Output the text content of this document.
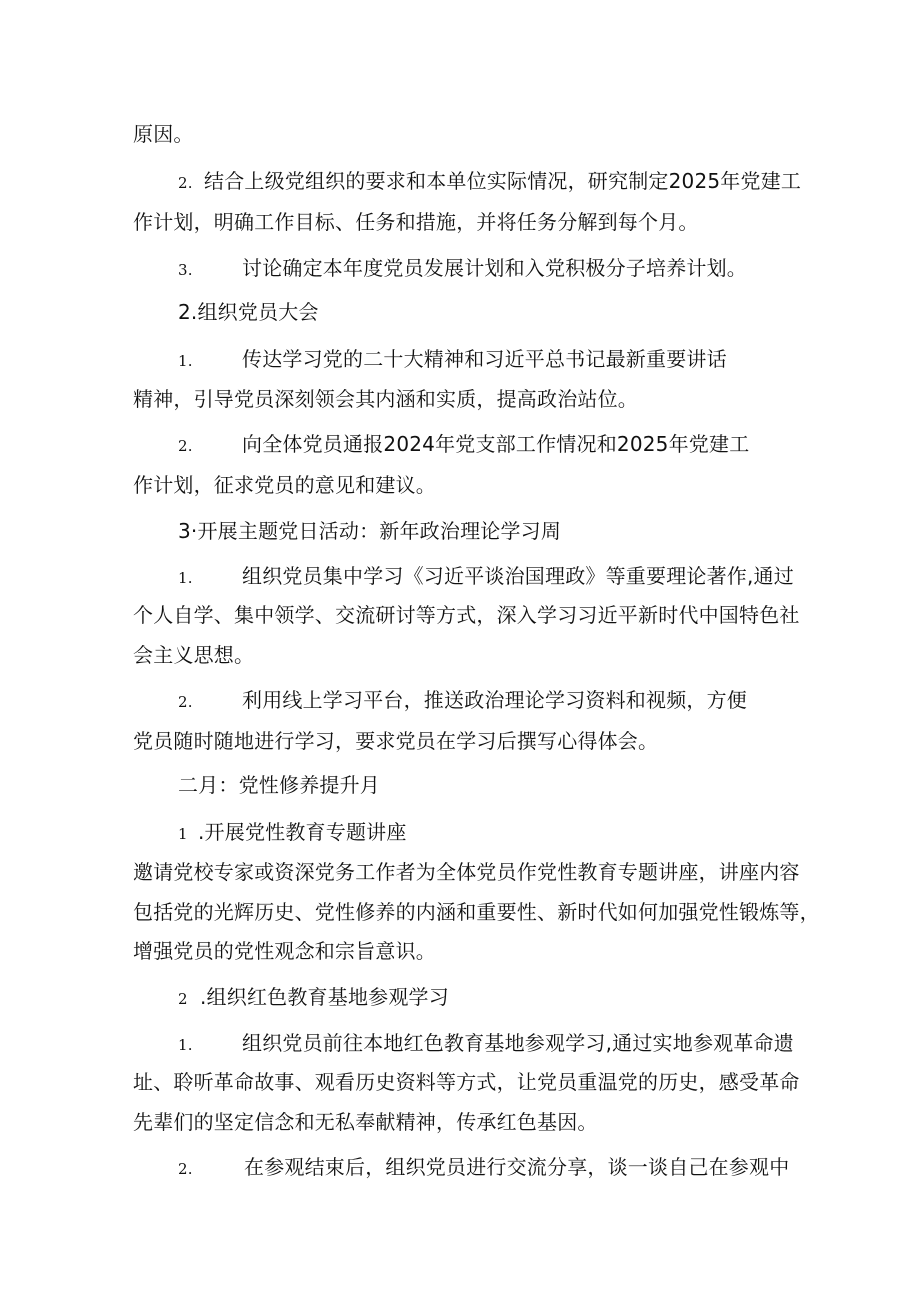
原因。
2. 结合上级党组织的要求和本单位实际情况，研究制定2025年党建工
作计划，明确工作目标、任务和措施，并将任务分解到每个月。
3. 讨论确定本年度党员发展计划和入党积极分子培养计划。
2.组织党员大会
1. 传达学习党的二十大精神和习近平总书记最新重要讲话
精神，引导党员深刻领会其内涵和实质，提高政治站位。
2. 向全体党员通报2024年党支部工作情况和2025年党建工
作计划，征求党员的意见和建议。
3·开展主题党日活动：新年政治理论学习周
1. 组织党员集中学习《习近平谈治国理政》等重要理论著作,通过
个人自学、集中领学、交流研讨等方式，深入学习习近平新时代中国特色社
会主义思想。
2. 利用线上学习平台，推送政治理论学习资料和视频，方便
党员随时随地进行学习，要求党员在学习后撰写心得体会。
二月：党性修养提升月
1 .开展党性教育专题讲座
邀请党校专家或资深党务工作者为全体党员作党性教育专题讲座，讲座内容
包括党的光辉历史、党性修养的内涵和重要性、新时代如何加强党性锻炼等，
增强党员的党性观念和宗旨意识。
2 .组织红色教育基地参观学习
1. 组织党员前往本地红色教育基地参观学习,通过实地参观革命遗
址、聆听革命故事、观看历史资料等方式，让党员重温党的历史，感受革命
先辈们的坚定信念和无私奉献精神，传承红色基因。
2.	在参观结束后，组织党员进行交流分享，谈一谈自己在参观中
